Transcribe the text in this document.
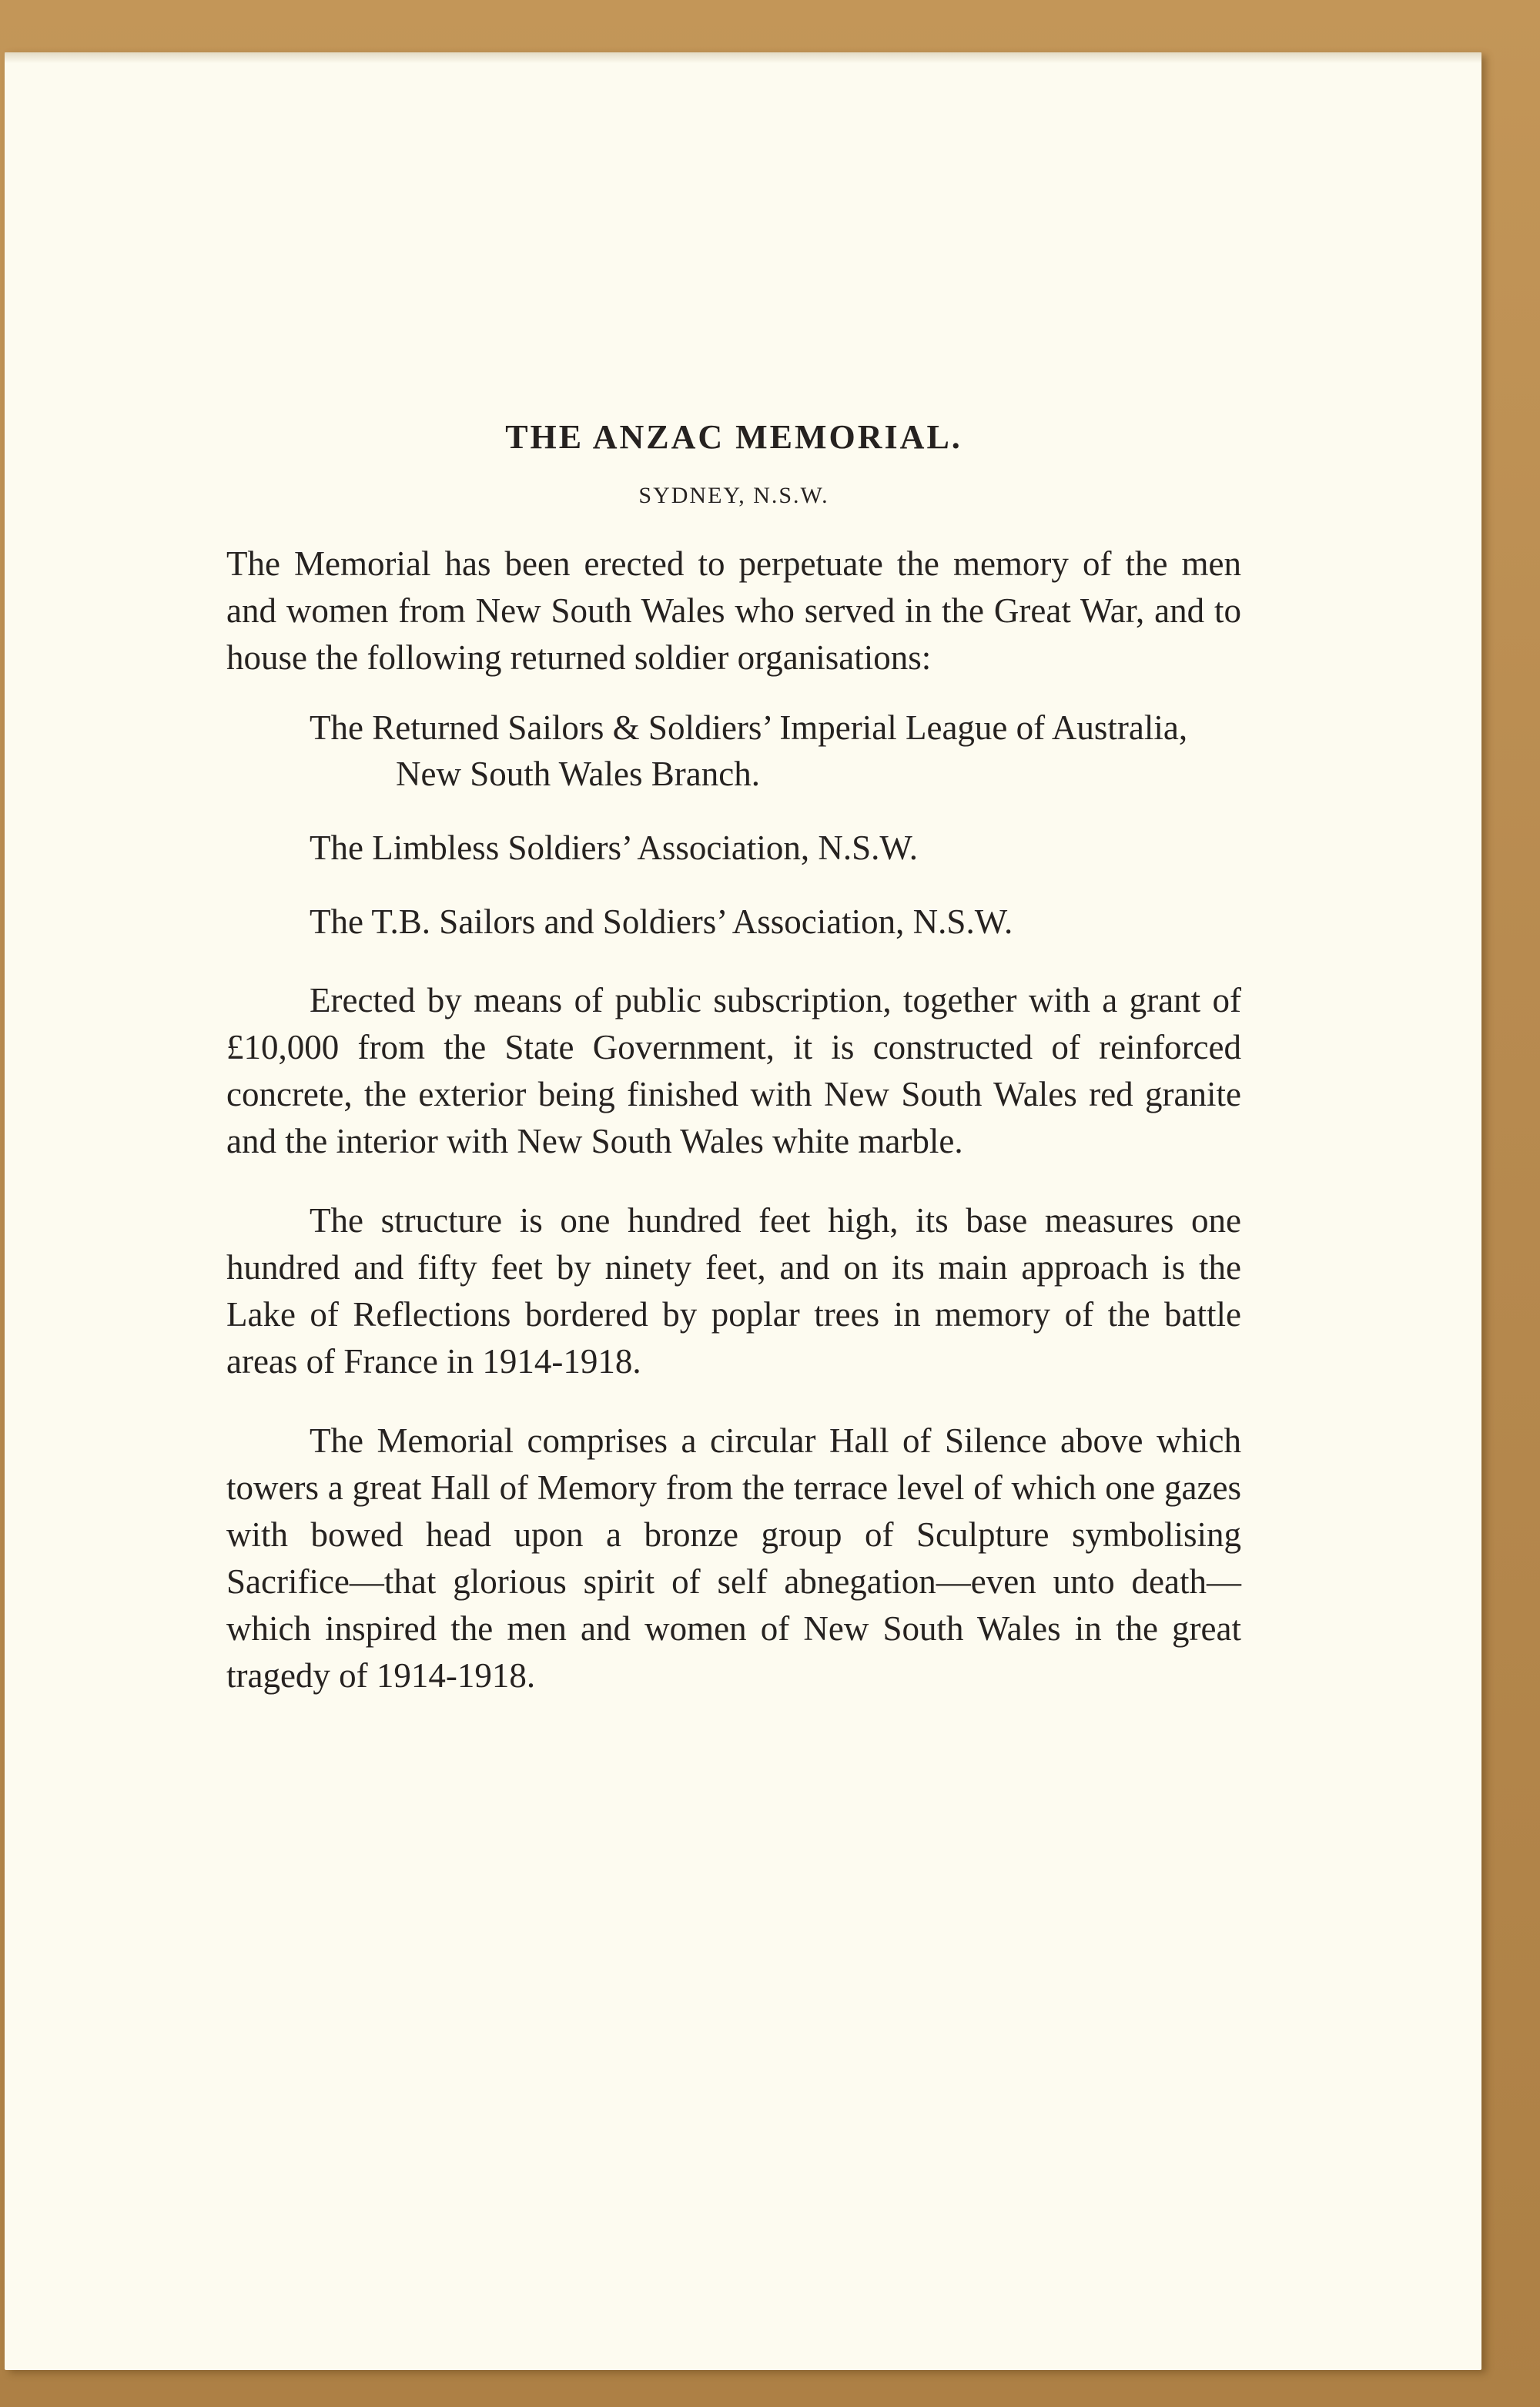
THE ANZAC MEMORIAL.

SYDNEY, N.S.W.

The Memorial has been erected to perpetuate the memory of the men and women from New South Wales who served in the Great War, and to house the following returned soldier organisations:

The Returned Sailors & Soldiers’ Imperial League of Australia, New South Wales Branch.
The Limbless Soldiers’ Association, N.S.W.
The T.B. Sailors and Soldiers’ Association, N.S.W.

Erected by means of public subscription, together with a grant of £10,000 from the State Government, it is constructed of reinforced concrete, the exterior being finished with New South Wales red granite and the interior with New South Wales white marble.

The structure is one hundred feet high, its base measures one hundred and fifty feet by ninety feet, and on its main approach is the Lake of Reflections bordered by poplar trees in memory of the battle areas of France in 1914-1918.

The Memorial comprises a circular Hall of Silence above which towers a great Hall of Memory from the terrace level of which one gazes with bowed head upon a bronze group of Sculpture symbolising Sacrifice—that glorious spirit of self abnegation—even unto death—which inspired the men and women of New South Wales in the great tragedy of 1914-1918.
